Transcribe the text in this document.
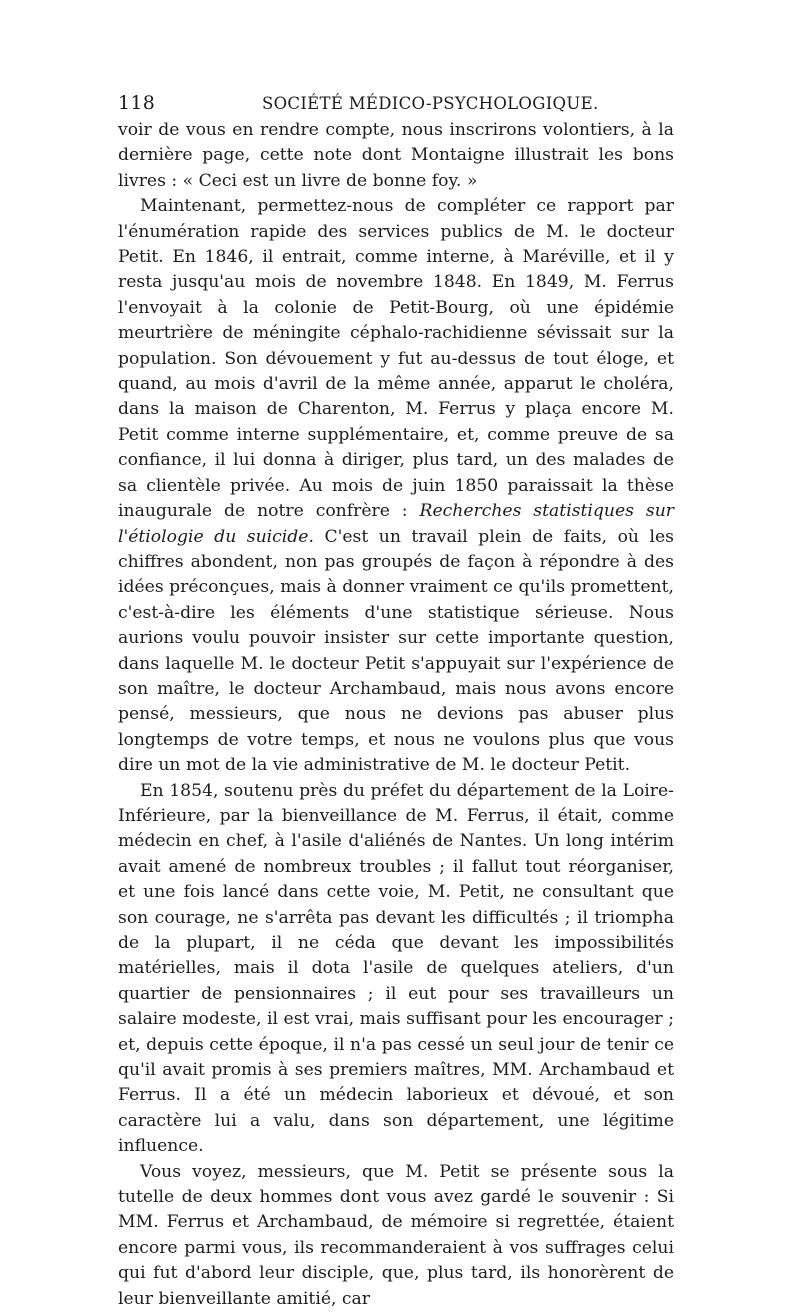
118	SOCIÉTÉ MÉDICO-PSYCHOLOGIQUE.

voir de vous en rendre compte, nous inscrirons volontiers, à la dernière page, cette note dont Montaigne illustrait les bons livres : « Ceci est un livre de bonne foy. »

Maintenant, permettez-nous de compléter ce rapport par l'énumération rapide des services publics de M. le docteur Petit. En 1846, il entrait, comme interne, à Maréville, et il y resta jusqu'au mois de novembre 1848. En 1849, M. Ferrus l'envoyait à la colonie de Petit-Bourg, où une épidémie meurtrière de méningite céphalo-rachidienne sévissait sur la population. Son dévouement y fut au-dessus de tout éloge, et quand, au mois d'avril de la même année, apparut le choléra, dans la maison de Charenton, M. Ferrus y plaça encore M. Petit comme interne supplémentaire, et, comme preuve de sa confiance, il lui donna à diriger, plus tard, un des malades de sa clientèle privée. Au mois de juin 1850 paraissait la thèse inaugurale de notre confrère : Recherches statistiques sur l'étiologie du suicide. C'est un travail plein de faits, où les chiffres abondent, non pas groupés de façon à répondre à des idées préconçues, mais à donner vraiment ce qu'ils promettent, c'est-à-dire les éléments d'une statistique sérieuse. Nous aurions voulu pouvoir insister sur cette importante question, dans laquelle M. le docteur Petit s'appuyait sur l'expérience de son maître, le docteur Archambaud, mais nous avons encore pensé, messieurs, que nous ne devions pas abuser plus longtemps de votre temps, et nous ne voulons plus que vous dire un mot de la vie administrative de M. le docteur Petit.

En 1854, soutenu près du préfet du département de la Loire-Inférieure, par la bienveillance de M. Ferrus, il était, comme médecin en chef, à l'asile d'aliénés de Nantes. Un long intérim avait amené de nombreux troubles ; il fallut tout réorganiser, et une fois lancé dans cette voie, M. Petit, ne consultant que son courage, ne s'arrêta pas devant les difficultés ; il triompha de la plupart, il ne céda que devant les impossibilités matérielles, mais il dota l'asile de quelques ateliers, d'un quartier de pensionnaires ; il eut pour ses travailleurs un salaire modeste, il est vrai, mais suffisant pour les encourager ; et, depuis cette époque, il n'a pas cessé un seul jour de tenir ce qu'il avait promis à ses premiers maîtres, MM. Archambaud et Ferrus. Il a été un médecin laborieux et dévoué, et son caractère lui a valu, dans son département, une légitime influence.

Vous voyez, messieurs, que M. Petit se présente sous la tutelle de deux hommes dont vous avez gardé le souvenir : Si MM. Ferrus et Archambaud, de mémoire si regrettée, étaient encore parmi vous, ils recommanderaient à vos suffrages celui qui fut d'abord leur disciple, que, plus tard, ils honorèrent de leur bienveillante amitié, car
